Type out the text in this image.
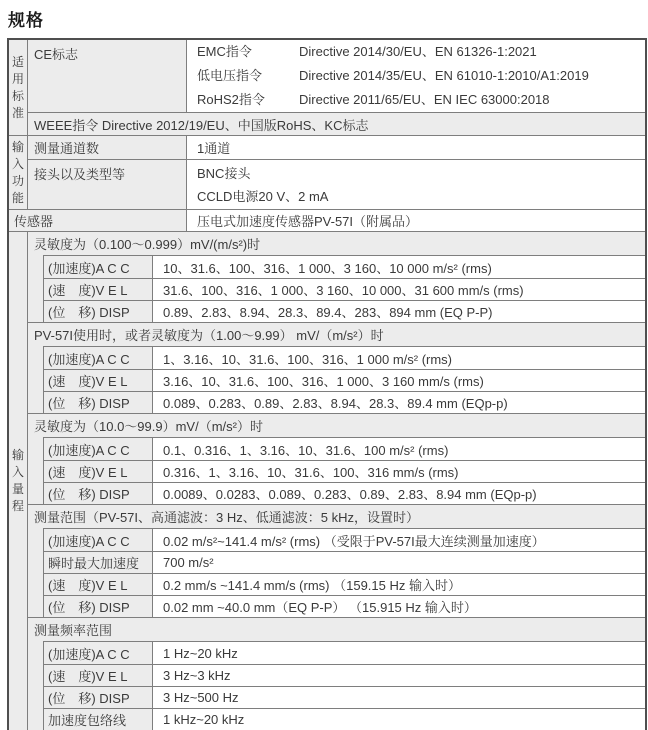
规格
适用标准
CE标志	EMC指令	Directive 2014/30/EU、EN 61326-1:2021
低电压指令	Directive 2014/35/EU、EN 61010-1:2010/A1:2019
RoHS2指令	Directive 2011/65/EU、EN IEC 63000:2018
WEEE指令 Directive 2012/19/EU、中国版RoHS、KC标志
输入功能
测量通道数	1通道
接头以及类型等	BNC接头
CCLD电源20 V、2 mA
传感器	压电式加速度传感器PV-57I（附属品）
输入量程
灵敏度为（0.100～0.999）mV/(m/s²)时
(加速度)A C C	10、31.6、100、316、1 000、3 160、10 000 m/s² (rms)
(速　度)V E L	31.6、100、316、1 000、3 160、10 000、31 600 mm/s (rms)
(位　移) DISP	0.89、2.83、8.94、28.3、89.4、283、894 mm (EQ P-P)
PV-57I使用时，或者灵敏度为（1.00～9.99） mV/（m/s²）时
(加速度)A C C	1、3.16、10、31.6、100、316、1 000 m/s² (rms)
(速　度)V E L	3.16、10、31.6、100、316、1 000、3 160 mm/s (rms)
(位　移) DISP	0.089、0.283、0.89、2.83、8.94、28.3、89.4 mm (EQp-p)
灵敏度为（10.0～99.9）mV/（m/s²）时
(加速度)A C C	0.1、0.316、1、3.16、10、31.6、100 m/s² (rms)
(速　度)V E L	0.316、1、3.16、10、31.6、100、316 mm/s (rms)
(位　移) DISP	0.0089、0.0283、0.089、0.283、0.89、2.83、8.94 mm (EQp-p)
测量范围（PV-57I、高通滤波：3 Hz、低通滤波：5 kHz，设置时）
(加速度)A C C	0.02 m/s²~141.4 m/s² (rms) （受限于PV-57I最大连续测量加速度）
瞬时最大加速度	700 m/s²
(速　度)V E L	0.2 mm/s ~141.4 mm/s (rms) （159.15 Hz 输入时）
(位　移) DISP	0.02 mm ~40.0 mm（EQ P-P） （15.915 Hz 输入时）
测量频率范围
(加速度)A C C	1 Hz~20 kHz
(速　度)V E L	3 Hz~3 kHz
(位　移) DISP	3 Hz~500 Hz
加速度包络线	1 kHz~20 kHz
